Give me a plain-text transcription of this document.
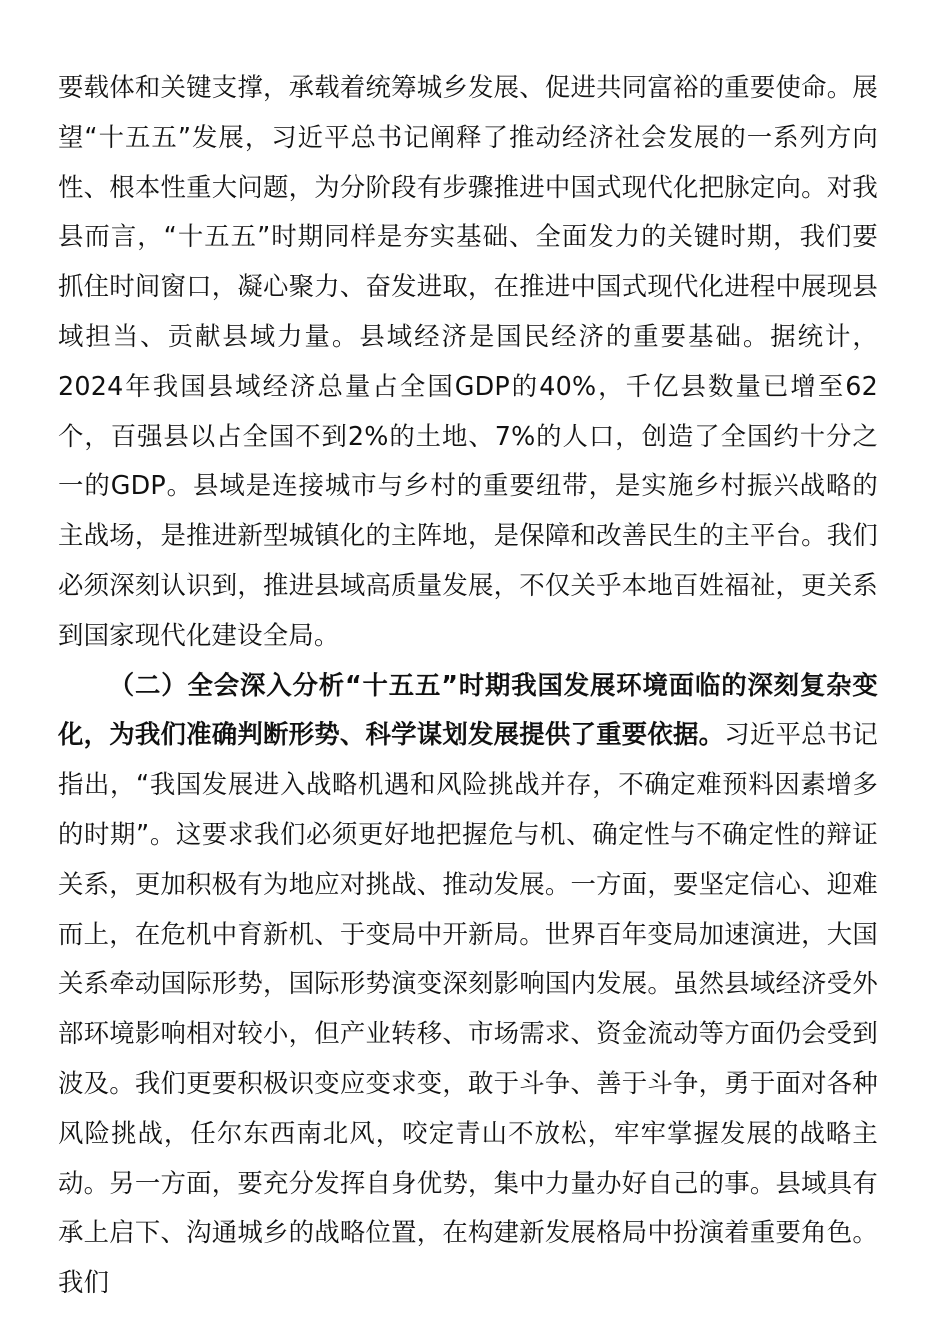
要载体和关键支撑，承载着统筹城乡发展、促进共同富裕的重要使命。展望“十五五”发展，习近平总书记阐释了推动经济社会发展的一系列方向性、根本性重大问题，为分阶段有步骤推进中国式现代化把脉定向。对我县而言，“十五五”时期同样是夯实基础、全面发力的关键时期，我们要抓住时间窗口，凝心聚力、奋发进取，在推进中国式现代化进程中展现县域担当、贡献县域力量。县域经济是国民经济的重要基础。据统计，2024年我国县域经济总量占全国GDP的40%，千亿县数量已增至62个，百强县以占全国不到2%的土地、7%的人口，创造了全国约十分之一的GDP。县域是连接城市与乡村的重要纽带，是实施乡村振兴战略的主战场，是推进新型城镇化的主阵地，是保障和改善民生的主平台。我们必须深刻认识到，推进县域高质量发展，不仅关乎本地百姓福祉，更关系到国家现代化建设全局。

（二）全会深入分析“十五五”时期我国发展环境面临的深刻复杂变化，为我们准确判断形势、科学谋划发展提供了重要依据。习近平总书记指出，“我国发展进入战略机遇和风险挑战并存，不确定难预料因素增多的时期”。这要求我们必须更好地把握危与机、确定性与不确定性的辩证关系，更加积极有为地应对挑战、推动发展。一方面，要坚定信心、迎难而上，在危机中育新机、于变局中开新局。世界百年变局加速演进，大国关系牵动国际形势，国际形势演变深刻影响国内发展。虽然县域经济受外部环境影响相对较小，但产业转移、市场需求、资金流动等方面仍会受到波及。我们更要积极识变应变求变，敢于斗争、善于斗争，勇于面对各种风险挑战，任尔东西南北风，咬定青山不放松，牢牢掌握发展的战略主动。另一方面，要充分发挥自身优势，集中力量办好自己的事。县域具有承上启下、沟通城乡的战略位置，在构建新发展格局中扮演着重要角色。我们
